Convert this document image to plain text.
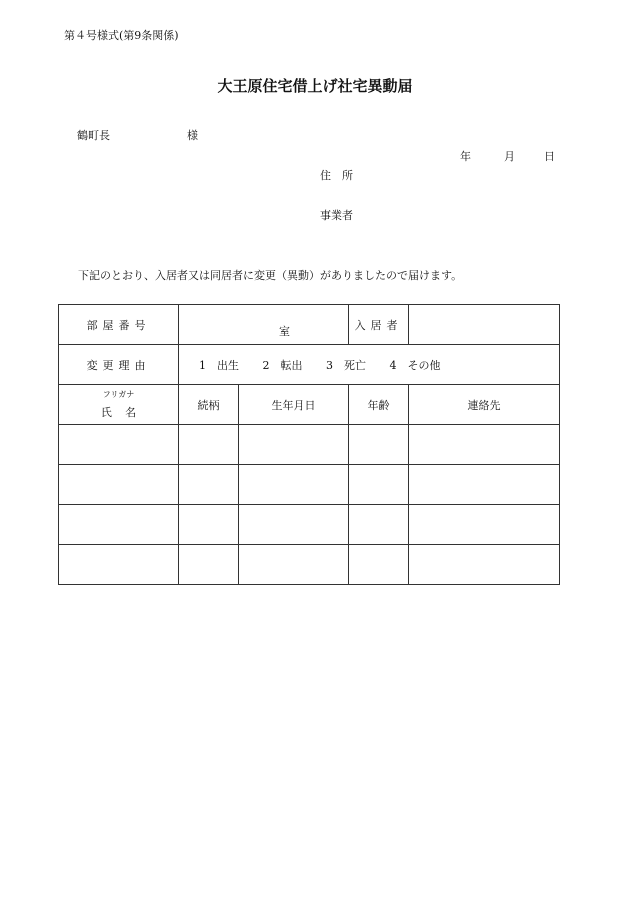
第４号様式(第9条関係)
大王原住宅借上げ社宅異動届
鶴町長	様
年	月	日
住　所
事業者
下記のとおり、入居者又は同居者に変更（異動）がありましたので届けます。
部屋番号	室		入居者	
変更理由	1　出生 2　転出 3　死亡 4　その他			

フリガナ
氏名	続柄	生年月日	年齢	連絡先
